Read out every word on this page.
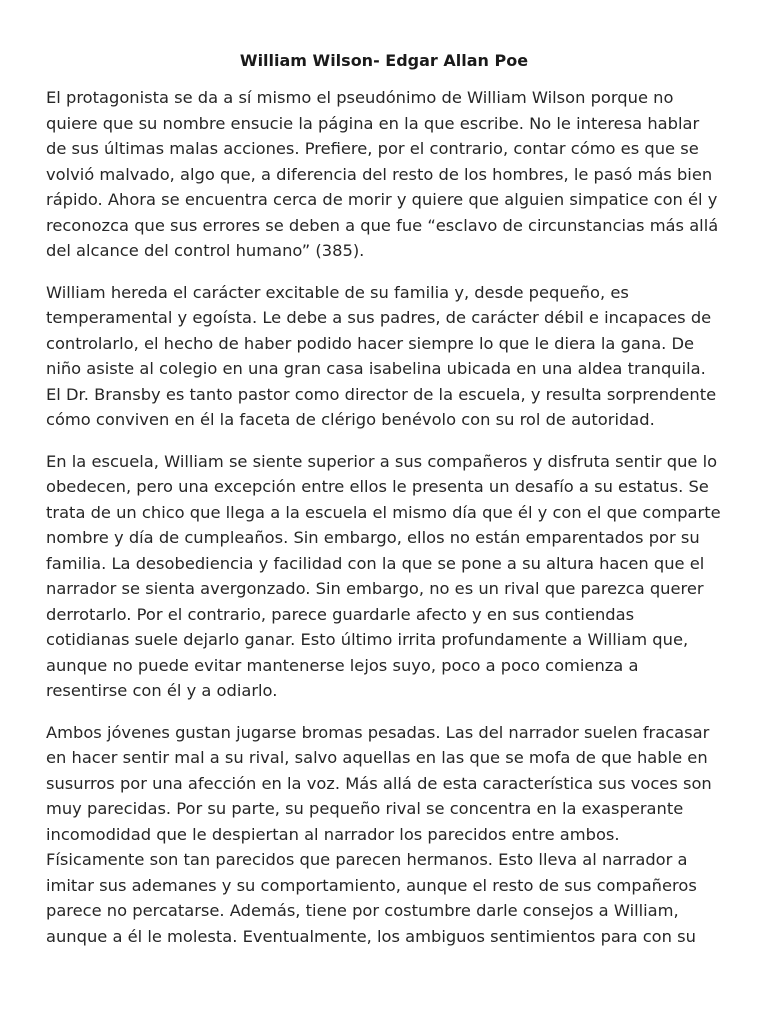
William Wilson- Edgar Allan Poe

El protagonista se da a sí mismo el pseudónimo de William Wilson porque no quiere que su nombre ensucie la página en la que escribe. No le interesa hablar de sus últimas malas acciones. Prefiere, por el contrario, contar cómo es que se volvió malvado, algo que, a diferencia del resto de los hombres, le pasó más bien rápido. Ahora se encuentra cerca de morir y quiere que alguien simpatice con él y reconozca que sus errores se deben a que fue “esclavo de circunstancias más allá del alcance del control humano” (385).

William hereda el carácter excitable de su familia y, desde pequeño, es temperamental y egoísta. Le debe a sus padres, de carácter débil e incapaces de controlarlo, el hecho de haber podido hacer siempre lo que le diera la gana. De niño asiste al colegio en una gran casa isabelina ubicada en una aldea tranquila. El Dr. Bransby es tanto pastor como director de la escuela, y resulta sorprendente cómo conviven en él la faceta de clérigo benévolo con su rol de autoridad.

En la escuela, William se siente superior a sus compañeros y disfruta sentir que lo obedecen, pero una excepción entre ellos le presenta un desafío a su estatus. Se trata de un chico que llega a la escuela el mismo día que él y con el que comparte nombre y día de cumpleaños. Sin embargo, ellos no están emparentados por su familia. La desobediencia y facilidad con la que se pone a su altura hacen que el narrador se sienta avergonzado. Sin embargo, no es un rival que parezca querer derrotarlo. Por el contrario, parece guardarle afecto y en sus contiendas cotidianas suele dejarlo ganar. Esto último irrita profundamente a William que, aunque no puede evitar mantenerse lejos suyo, poco a poco comienza a resentirse con él y a odiarlo.

Ambos jóvenes gustan jugarse bromas pesadas. Las del narrador suelen fracasar en hacer sentir mal a su rival, salvo aquellas en las que se mofa de que hable en susurros por una afección en la voz. Más allá de esta característica sus voces son muy parecidas. Por su parte, su pequeño rival se concentra en la exasperante incomodidad que le despiertan al narrador los parecidos entre ambos. Físicamente son tan parecidos que parecen hermanos. Esto lleva al narrador a imitar sus ademanes y su comportamiento, aunque el resto de sus compañeros parece no percatarse. Además, tiene por costumbre darle consejos a William, aunque a él le molesta. Eventualmente, los ambiguos sentimientos para con su
